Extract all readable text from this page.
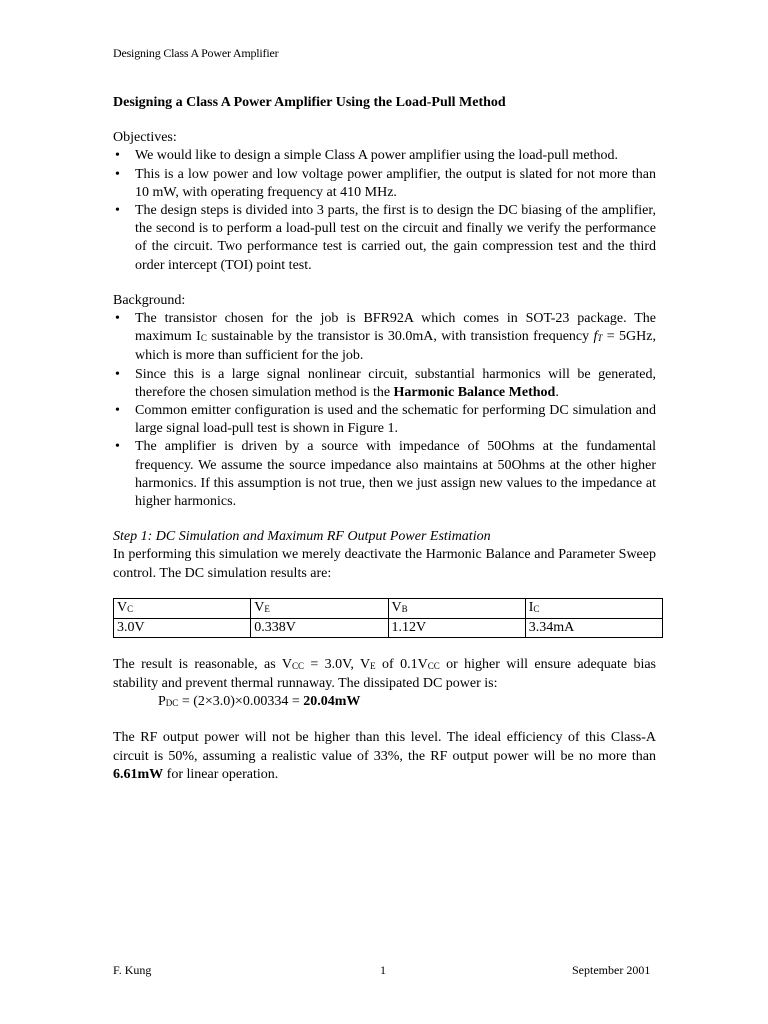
Designing Class A Power Amplifier

Designing a Class A Power Amplifier Using the Load-Pull Method

Objectives:

• We would like to design a simple Class A power amplifier using the load-pull method.
• This is a low power and low voltage power amplifier, the output is slated for not more than 10 mW, with operating frequency at 410 MHz.
• The design steps is divided into 3 parts, the first is to design the DC biasing of the amplifier, the second is to perform a load-pull test on the circuit and finally we verify the performance of the circuit. Two performance test is carried out, the gain compression test and the third order intercept (TOI) point test.

Background:

• The transistor chosen for the job is BFR92A which comes in SOT-23 package. The maximum IC sustainable by the transistor is 30.0mA, with transistion frequency fT = 5GHz, which is more than sufficient for the job.
• Since this is a large signal nonlinear circuit, substantial harmonics will be generated, therefore the chosen simulation method is the Harmonic Balance Method.
• Common emitter configuration is used and the schematic for performing DC simulation and large signal load-pull test is shown in Figure 1.
• The amplifier is driven by a source with impedance of 50Ohms at the fundamental frequency. We assume the source impedance also maintains at 50Ohms at the other higher harmonics. If this assumption is not true, then we just assign new values to the impedance at higher harmonics.

Step 1: DC Simulation and Maximum RF Output Power Estimation

In performing this simulation we merely deactivate the Harmonic Balance and Parameter Sweep control. The DC simulation results are:

VC	VE	VB	IC
3.0V	0.338V	1.12V	3.34mA

The result is reasonable, as VCC = 3.0V, VE of 0.1VCC or higher will ensure adequate bias stability and prevent thermal runnaway. The dissipated DC power is:

PDC = (2×3.0)×0.00334 = 20.04mW

The RF output power will not be higher than this level. The ideal efficiency of this Class-A circuit is 50%, assuming a realistic value of 33%, the RF output power will be no more than 6.61mW for linear operation.

F. Kung	1	September 2001
